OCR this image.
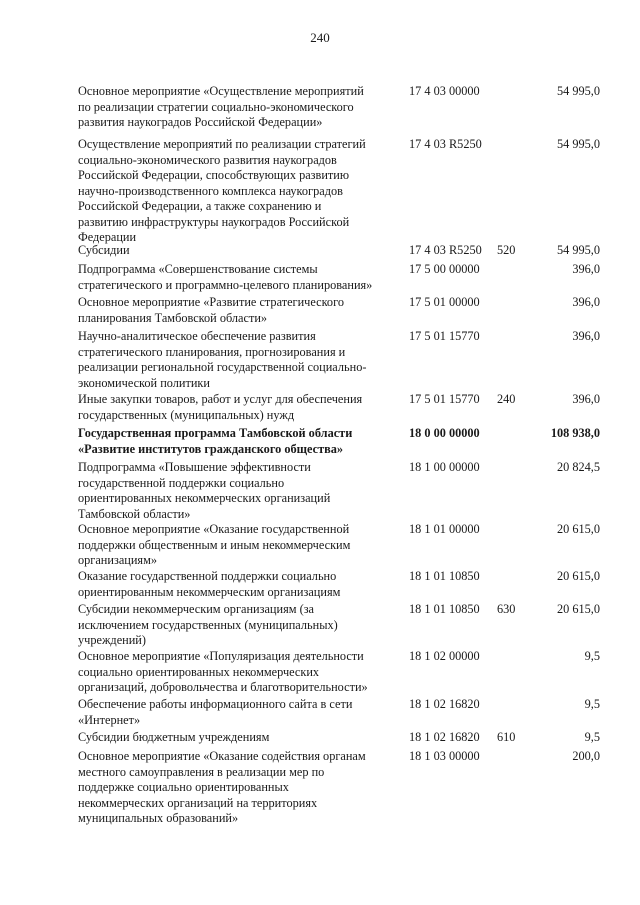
240
Основное мероприятие «Осуществление мероприятий
по реализации стратегии социально-экономического
развития наукоградов Российской Федерации»
17 4 03 00000	54 995,0
Осуществление мероприятий по реализации стратегий
социально-экономического развития наукоградов
Российской Федерации, способствующих развитию
научно-производственного комплекса наукоградов
Российской Федерации, а также сохранению и
развитию инфраструктуры наукоградов Российской
Федерации
17 4 03 R5250	54 995,0
Субсидии	17 4 03 R5250 520	54 995,0
Подпрограмма «Совершенствование системы
стратегического и программно-целевого планирования»
17 5 00 00000	396,0
Основное мероприятие «Развитие стратегического
планирования Тамбовской области»
17 5 01 00000	396,0
Научно-аналитическое обеспечение развития
стратегического планирования, прогнозирования и
реализации региональной государственной социально-
экономической политики
17 5 01 15770	396,0
Иные закупки товаров, работ и услуг для обеспечения
государственных (муниципальных) нужд
17 5 01 15770 240	396,0
Государственная программа Тамбовской области
«Развитие институтов гражданского общества»
18 0 00 00000	108 938,0
Подпрограмма «Повышение эффективности
государственной поддержки социально
ориентированных некоммерческих организаций
Тамбовской области»
18 1 00 00000	20 824,5
Основное мероприятие «Оказание государственной
поддержки общественным и иным некоммерческим
организациям»
18 1 01 00000	20 615,0
Оказание государственной поддержки социально
ориентированным некоммерческим организациям
18 1 01 10850	20 615,0
Субсидии некоммерческим организациям (за
исключением государственных (муниципальных)
учреждений)
18 1 01 10850 630	20 615,0
Основное мероприятие «Популяризация деятельности
социально ориентированных некоммерческих
организаций, добровольчества и благотворительности»
18 1 02 00000	9,5
Обеспечение работы информационного сайта в сети
«Интернет»
18 1 02 16820	9,5
Субсидии бюджетным учреждениям	18 1 02 16820 610	9,5
Основное мероприятие «Оказание содействия органам
местного самоуправления в реализации мер по
поддержке социально ориентированных
некоммерческих организаций на территориях
муниципальных образований»
18 1 03 00000	200,0
